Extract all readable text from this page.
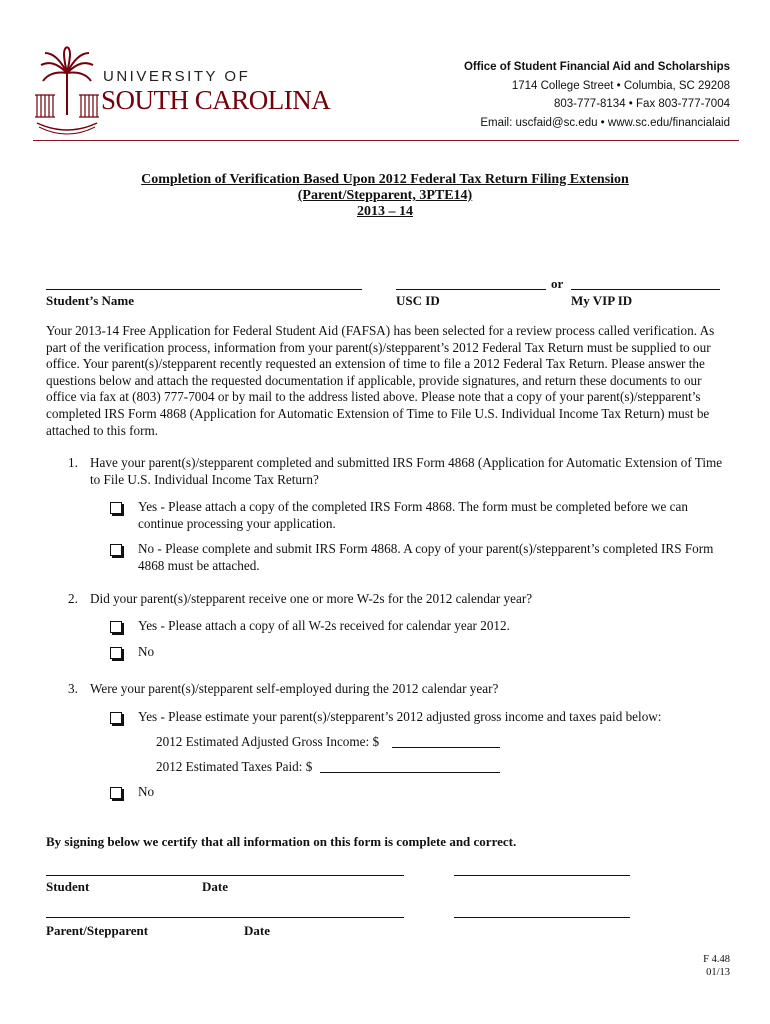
UNIVERSITY OF
SOUTH CAROLINA
Office of Student Financial Aid and Scholarships
1714 College Street • Columbia, SC 29208
803-777-8134 • Fax 803-777-7004
Email: uscfaid@sc.edu • www.sc.edu/financialaid
Completion of Verification Based Upon 2012 Federal Tax Return Filing Extension
(Parent/Stepparent, 3PTE14)
2013 – 14
Student’s Name	USC ID
or
My VIP ID
Your 2013-14 Free Application for Federal Student Aid (FAFSA) has been selected for a review process called verification. As part of the verification process, information from your parent(s)/stepparent’s 2012 Federal Tax Return must be supplied to our office. Your parent(s)/stepparent recently requested an extension of time to file a 2012 Federal Tax Return. Please answer the questions below and attach the requested documentation if applicable, provide signatures, and return these documents to our office via fax at (803) 777-7004 or by mail to the address listed above. Please note that a copy of your parent(s)/stepparent’s completed IRS Form 4868 (Application for Automatic Extension of Time to File U.S. Individual Income Tax Return) must be attached to this form.
1. Have your parent(s)/stepparent completed and submitted IRS Form 4868 (Application for Automatic Extension of Time to File U.S. Individual Income Tax Return?
Yes - Please attach a copy of the completed IRS Form 4868. The form must be completed before we can continue processing your application.
No - Please complete and submit IRS Form 4868. A copy of your parent(s)/stepparent’s completed IRS Form 4868 must be attached.
2. Did your parent(s)/stepparent receive one or more W-2s for the 2012 calendar year?
Yes - Please attach a copy of all W-2s received for calendar year 2012.
No
3. Were your parent(s)/stepparent self-employed during the 2012 calendar year?
Yes - Please estimate your parent(s)/stepparent’s 2012 adjusted gross income and taxes paid below:
2012 Estimated Adjusted Gross Income: $
2012 Estimated Taxes Paid: $
No
By signing below we certify that all information on this form is complete and correct.
Student	Date
Parent/Stepparent	Date
F 4.48
01/13
